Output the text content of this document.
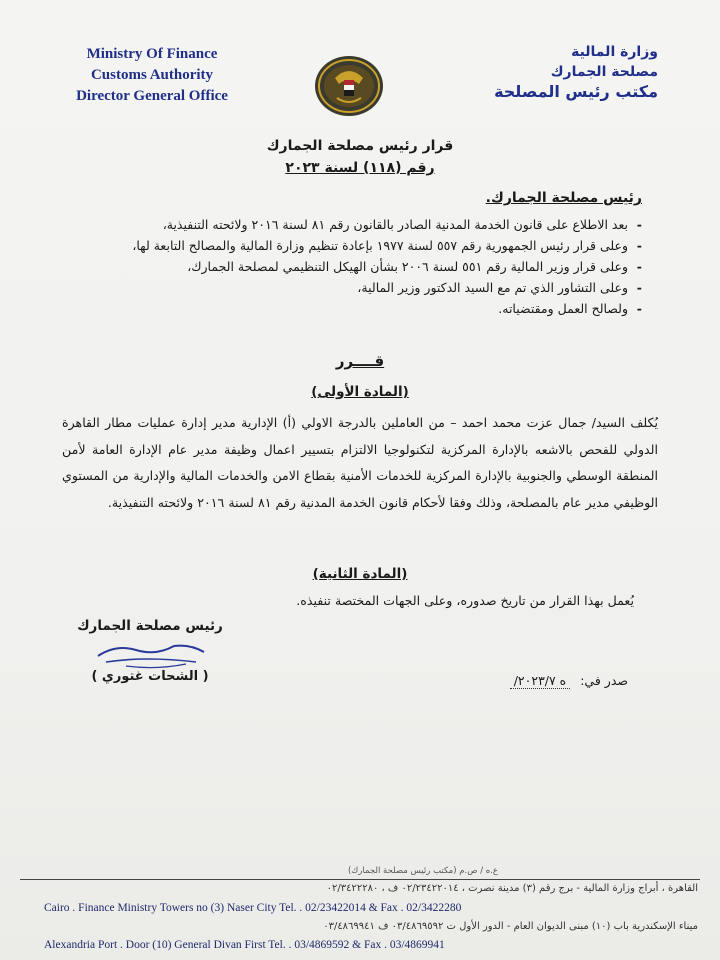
Ministry Of Finance
Customs Authority
Director General Office
وزارة المالية
مصلحة الجمارك
مكتب رئيس المصلحة
قرار رئيس مصلحة الجمارك
رقم (١١٨) لسنة ٢٠٢٣
رئيس مصلحة الجمارك.
- بعد الاطلاع على قانون الخدمة المدنية الصادر بالقانون رقم ٨١ لسنة ٢٠١٦ ولائحته التنفيذية،
- وعلى قرار رئيس الجمهورية رقم ٥٥٧ لسنة ١٩٧٧ بإعادة تنظيم وزارة المالية والمصالح التابعة لها،
- وعلى قرار وزير المالية رقم ٥٥١ لسنة ٢٠٠٦ بشأن الهيكل التنظيمي لمصلحة الجمارك،
- وعلى التشاور الذي تم مع السيد الدكتور وزير المالية،
- ولصالح العمل ومقتضياته.
قــــرر
(المادة الأولى)
يُكلف السيد/ جمال عزت محمد احمد – من العاملين بالدرجة الاولي (أ) الإدارية مدير إدارة عمليات مطار القاهرة الدولي للفحص بالاشعه بالإدارة المركزية لتكنولوجيا الالتزام بتسيير اعمال وظيفة مدير عام الإدارة العامة لأمن المنطقة الوسطي والجنوبية بالإدارة المركزية للخدمات الأمنية بقطاع الامن والخدمات المالية والإدارية من المستوي الوظيفي مدير عام بالمصلحة، وذلك وفقا لأحكام قانون الخدمة المدنية رقم ٨١ لسنة ٢٠١٦ ولائحته التنفيذية.
(المادة الثانية)
يُعمل بهذا القرار من تاريخ صدوره، وعلى الجهات المختصة تنفيذه.
رئيس مصلحة الجمارك
( الشحات غتوري )	صدر في: ه ٢٠٢٣/٧/
ع.ه / ص.م (مكتب رئيس مصلحة الجمارك)
القاهرة ، أبراج وزارة المالية - برج رقم (٣) مدينة نصرت ، ٠٢/٢٣٤٢٢٠١٤ ف ، ٠٢/٣٤٢٢٢٨٠
Cairo . Finance Ministry Towers no (3) Naser City Tel. . 02/23422014 & Fax . 02/3422280
ميناء الإسكندرية باب (١٠) مبنى الديوان العام - الدور الأول ت ٠٣/٤٨٦٩٥٩٢ ف ٠٣/٤٨٦٩٩٤١
Alexandria Port . Door (10) General Divan First Tel. . 03/4869592 & Fax . 03/4869941
